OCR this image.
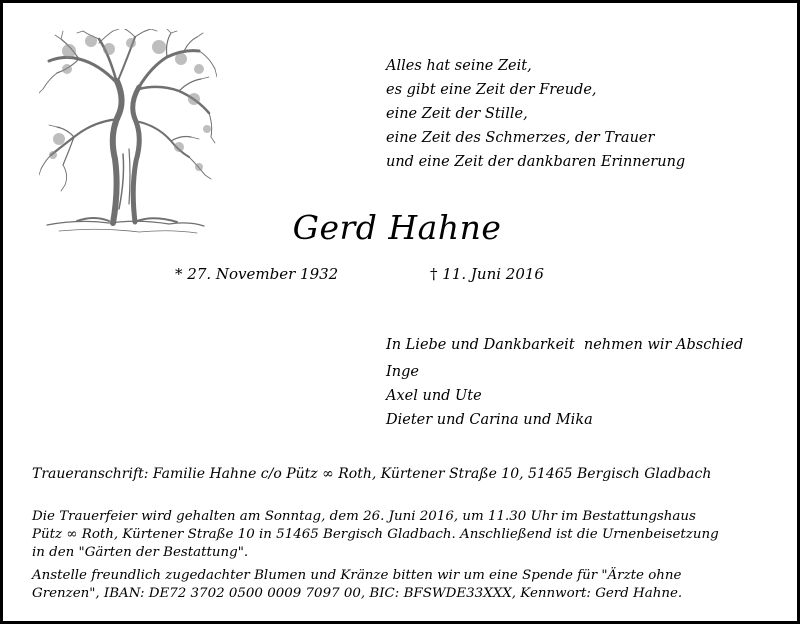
Alles hat seine Zeit,
es gibt eine Zeit der Freude,
eine Zeit der Stille,
eine Zeit des Schmerzes, der Trauer
und eine Zeit der dankbaren Erinnerung
Gerd Hahne
* 27. November 1932	† 11. Juni 2016
In Liebe und Dankbarkeit  nehmen wir Abschied
Inge
Axel und Ute
Dieter und Carina und Mika
Traueranschrift: Familie Hahne c/o Pütz ∞ Roth, Kürtener Straße 10, 51465 Bergisch Gladbach
Die Trauerfeier wird gehalten am Sonntag, dem 26. Juni 2016, um 11.30 Uhr im Bestattungshaus
Pütz ∞ Roth, Kürtener Straße 10 in 51465 Bergisch Gladbach. Anschließend ist die Urnenbeisetzung
in den "Gärten der Bestattung".
Anstelle freundlich zugedachter Blumen und Kränze bitten wir um eine Spende für "Ärzte ohne
Grenzen", IBAN: DE72 3702 0500 0009 7097 00, BIC: BFSWDE33XXX, Kennwort: Gerd Hahne.
